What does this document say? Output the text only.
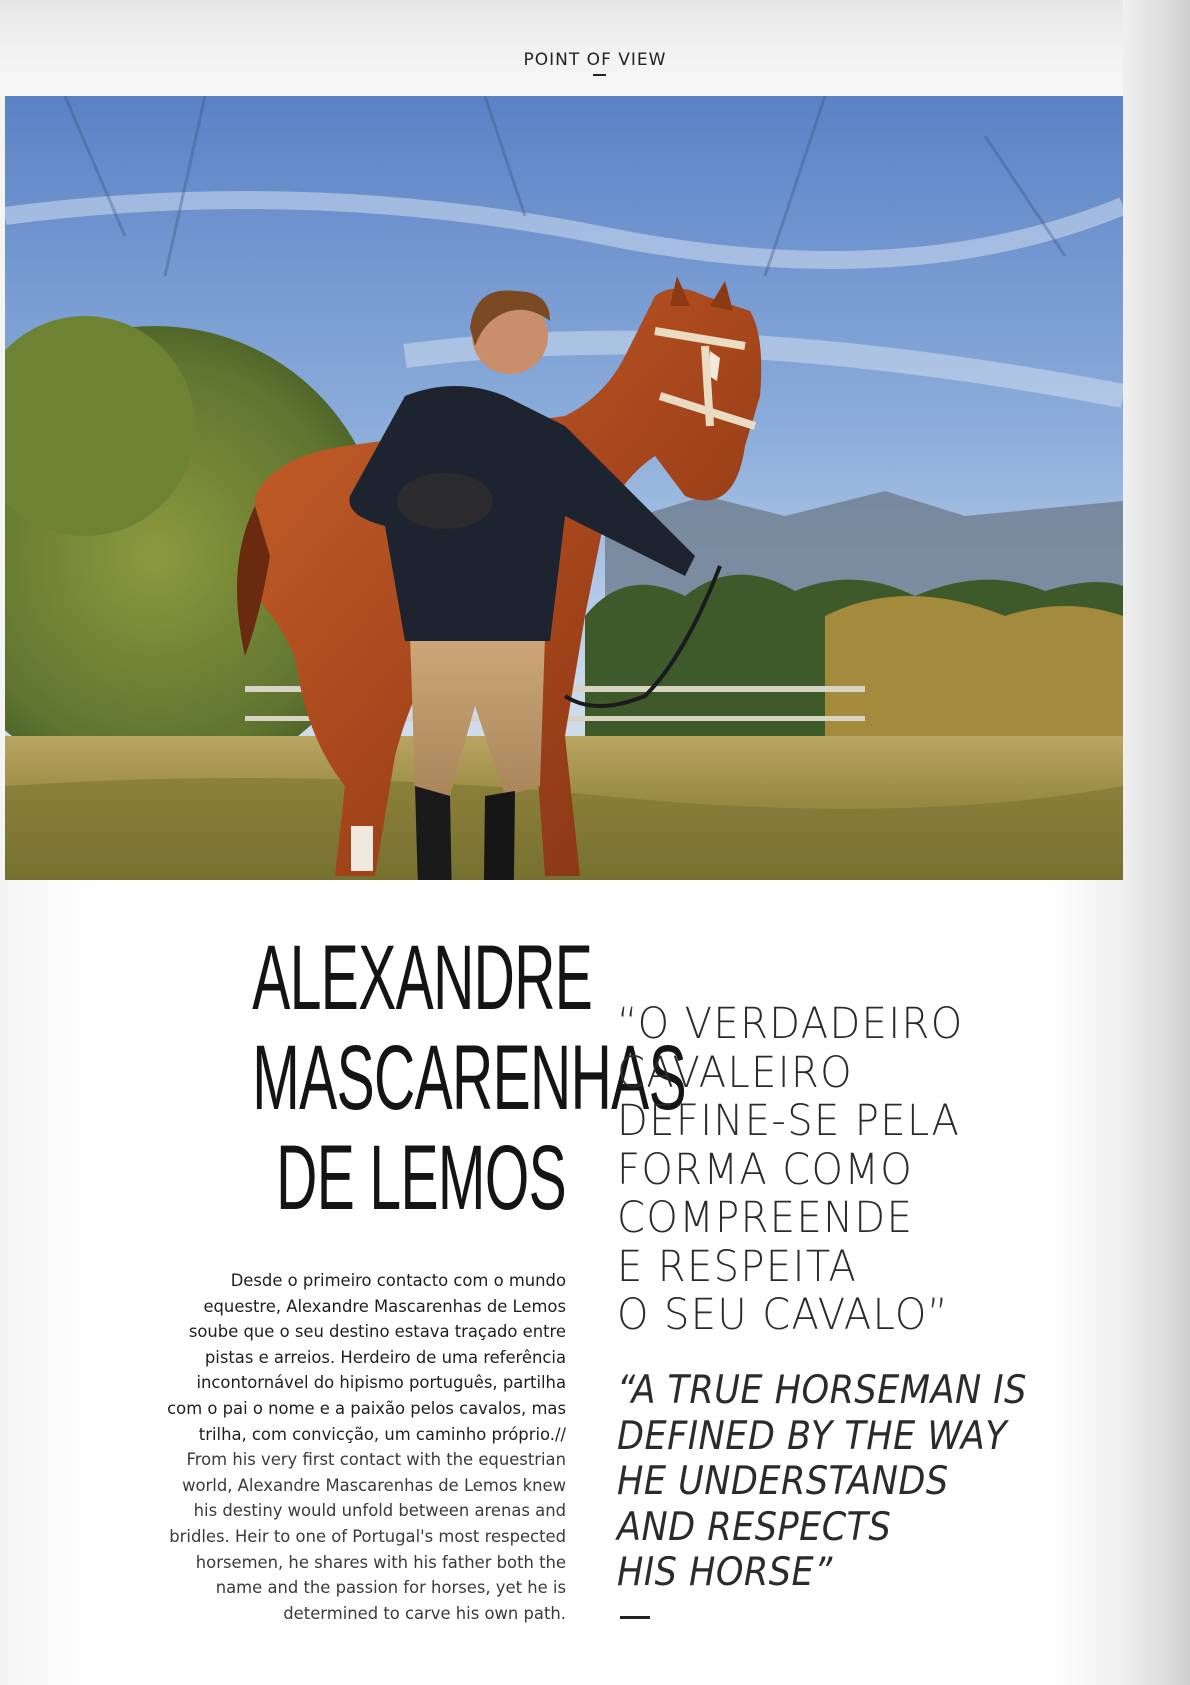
POINT OF VIEW
ALEXANDRE
MASCARENHAS
DE LEMOS
Desde o primeiro contacto com o mundo
equestre, Alexandre Mascarenhas de Lemos
soube que o seu destino estava traçado entre
pistas e arreios. Herdeiro de uma referência
incontornável do hipismo português, partilha
com o pai o nome e a paixão pelos cavalos, mas
trilha, com convicção, um caminho próprio.//
From his very first contact with the equestrian
world, Alexandre Mascarenhas de Lemos knew
his destiny would unfold between arenas and
bridles. Heir to one of Portugal's most respected
horsemen, he shares with his father both the
name and the passion for horses, yet he is
determined to carve his own path.
“O VERDADEIRO
CAVALEIRO
DEFINE-SE PELA
FORMA COMO
COMPREENDE
E RESPEITA
O SEU CAVALO”
“A TRUE HORSEMAN IS
DEFINED BY THE WAY
HE UNDERSTANDS
AND RESPECTS
HIS HORSE”
